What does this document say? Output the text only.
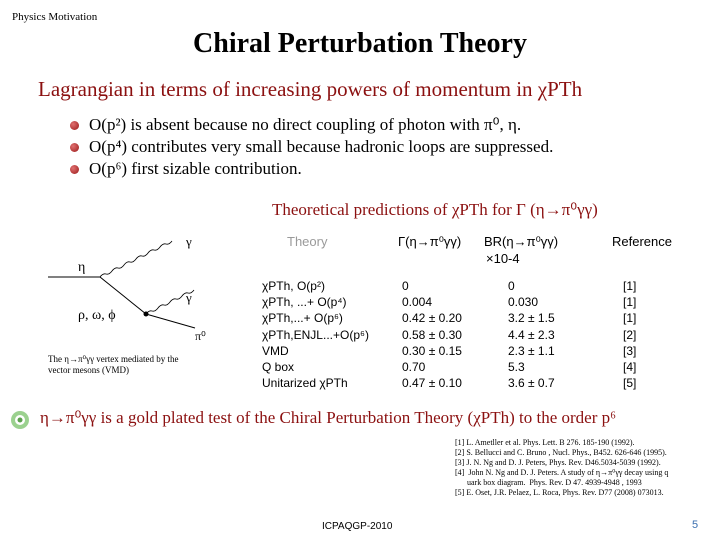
Physics Motivation
Chiral Perturbation Theory
Lagrangian in terms of increasing powers of momentum in χPTh
O(p²) is absent because no direct coupling of photon with π⁰, η.
O(p⁴) contributes very small because hadronic loops are suppressed.
O(p⁶) first sizable contribution.
Theoretical predictions of χPTh for Γ (η→π⁰γγ)
η
γ
γ
π⁰
ρ, ω, ϕ
The η→π⁰γγ vertex mediated by the vector mesons (VMD)
Theory	Γ(η→π⁰γγ) BR(η→π⁰γγ)
×10-4
Reference
χPTh, O(p²)
χPTh, ...+ O(p⁴)
χPTh,...+ O(p⁶)
χPTh,ENJL...+O(p⁶)
VMD
Q box
Unitarized χPTh
0
0.004
0.42 ± 0.20
0.58 ± 0.30
0.30 ± 0.15
0.70
0.47 ± 0.10
0
0.030
3.2 ± 1.5
4.4 ± 2.3
2.3 ± 1.1
5.3
3.6 ± 0.7
[1]
[1]
[1]
[2]
[3]
[4]
[5]
η→π⁰γγ is a gold plated test of the Chiral Perturbation Theory (χPTh) to the order p⁶
[1] L. Ametller et al. Phys. Lett. B 276. 185-190 (1992).
[2] S. Bellucci and C. Bruno , Nucl. Phys., B452. 626-646 (1995).
[3] J. N. Ng and D. J. Peters, Phys. Rev. D46.5034-5039 (1992).
[4]  John N. Ng and D. J. Peters. A study of η→π⁰γγ decay using q
uark box diagram.  Phys. Rev. D 47. 4939-4948 , 1993
[5] E. Oset, J.R. Pelaez, L. Roca, Phys. Rev. D77 (2008) 073013.
ICPAQGP-2010	5
